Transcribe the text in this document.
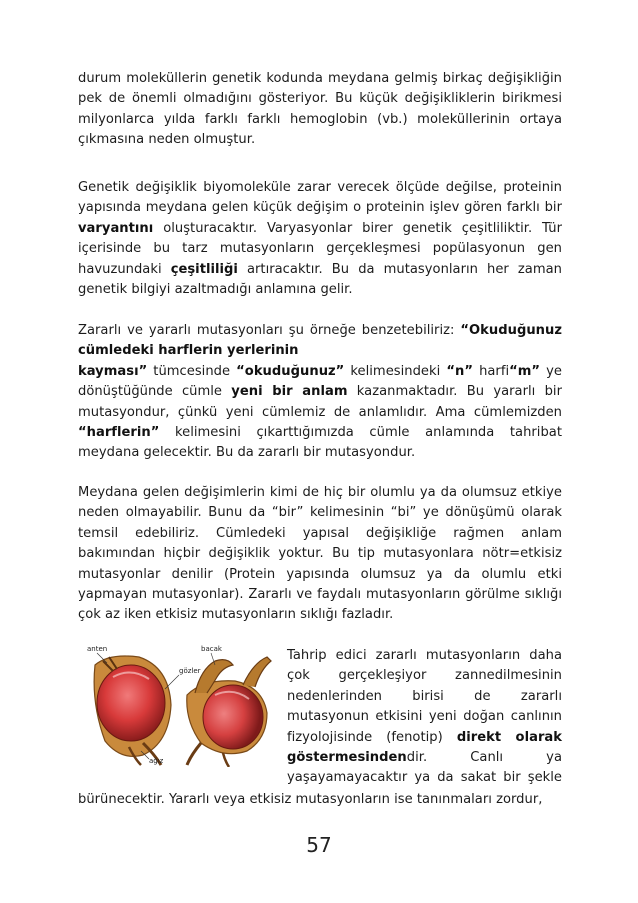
durum moleküllerin genetik kodunda meydana gelmiş birkaç değişikliğin pek de önemli olmadığını gösteriyor. Bu küçük değişikliklerin birikmesi milyonlarca yılda farklı farklı hemoglobin (vb.) moleküllerinin ortaya çıkmasına neden olmuştur.

Genetik değişiklik biyomoleküle zarar verecek ölçüde değilse, proteinin yapısında meydana gelen küçük değişim o proteinin işlev gören farklı bir varyantını oluşturacaktır. Varyasyonlar birer genetik çeşitliliktir. Tür içerisinde bu tarz mutasyonların gerçekleşmesi popülasyonun gen havuzundaki çeşitliliği artıracaktır. Bu da mutasyonların her zaman genetik bilgiyi azaltmadığı anlamına gelir.

Zararlı ve yararlı mutasyonları şu örneğe benzetebiliriz: “Okuduğunuz cümledeki harflerin yerlerinin
kayması” tümcesinde “okuduğunuz” kelimesindeki “n” harfi“m” ye dönüştüğünde cümle yeni bir anlam kazanmaktadır. Bu yararlı bir mutasyondur, çünkü yeni cümlemiz de anlamlıdır. Ama cümlemizden “harflerin” kelimesini çıkarttığımızda cümle anlamında tahribat meydana gelecektir. Bu da zararlı bir mutasyondur.

Meydana gelen değişimlerin kimi de hiç bir olumlu ya da olumsuz etkiye neden olmayabilir. Bunu da “bir” kelimesinin “bi” ye dönüşümü olarak temsil edebiliriz. Cümledeki yapısal değişikliğe rağmen anlam bakımından hiçbir değişiklik yoktur. Bu tip mutasyonlara nötr=etkisiz mutasyonlar denilir (Protein yapısında olumsuz ya da olumlu etki yapmayan mutasyonlar). Zararlı ve faydalı mutasyonların görülme sıklığı çok az iken etkisiz mutasyonların sıklığı fazladır.

Tahrip edici zararlı mutasyonların daha çok gerçekleşiyor zannedilmesinin nedenlerinden birisi de zararlı mutasyonun etkisini yeni doğan canlının fizyolojisinde (fenotip) direkt olarak göstermesindendir. Canlı ya yaşayamayacaktır ya da sakat bir şekle

bürünecektir. Yararlı veya etkisiz mutasyonların ise tanınmaları zordur,

anten	bacak
gözler
ağız
57
